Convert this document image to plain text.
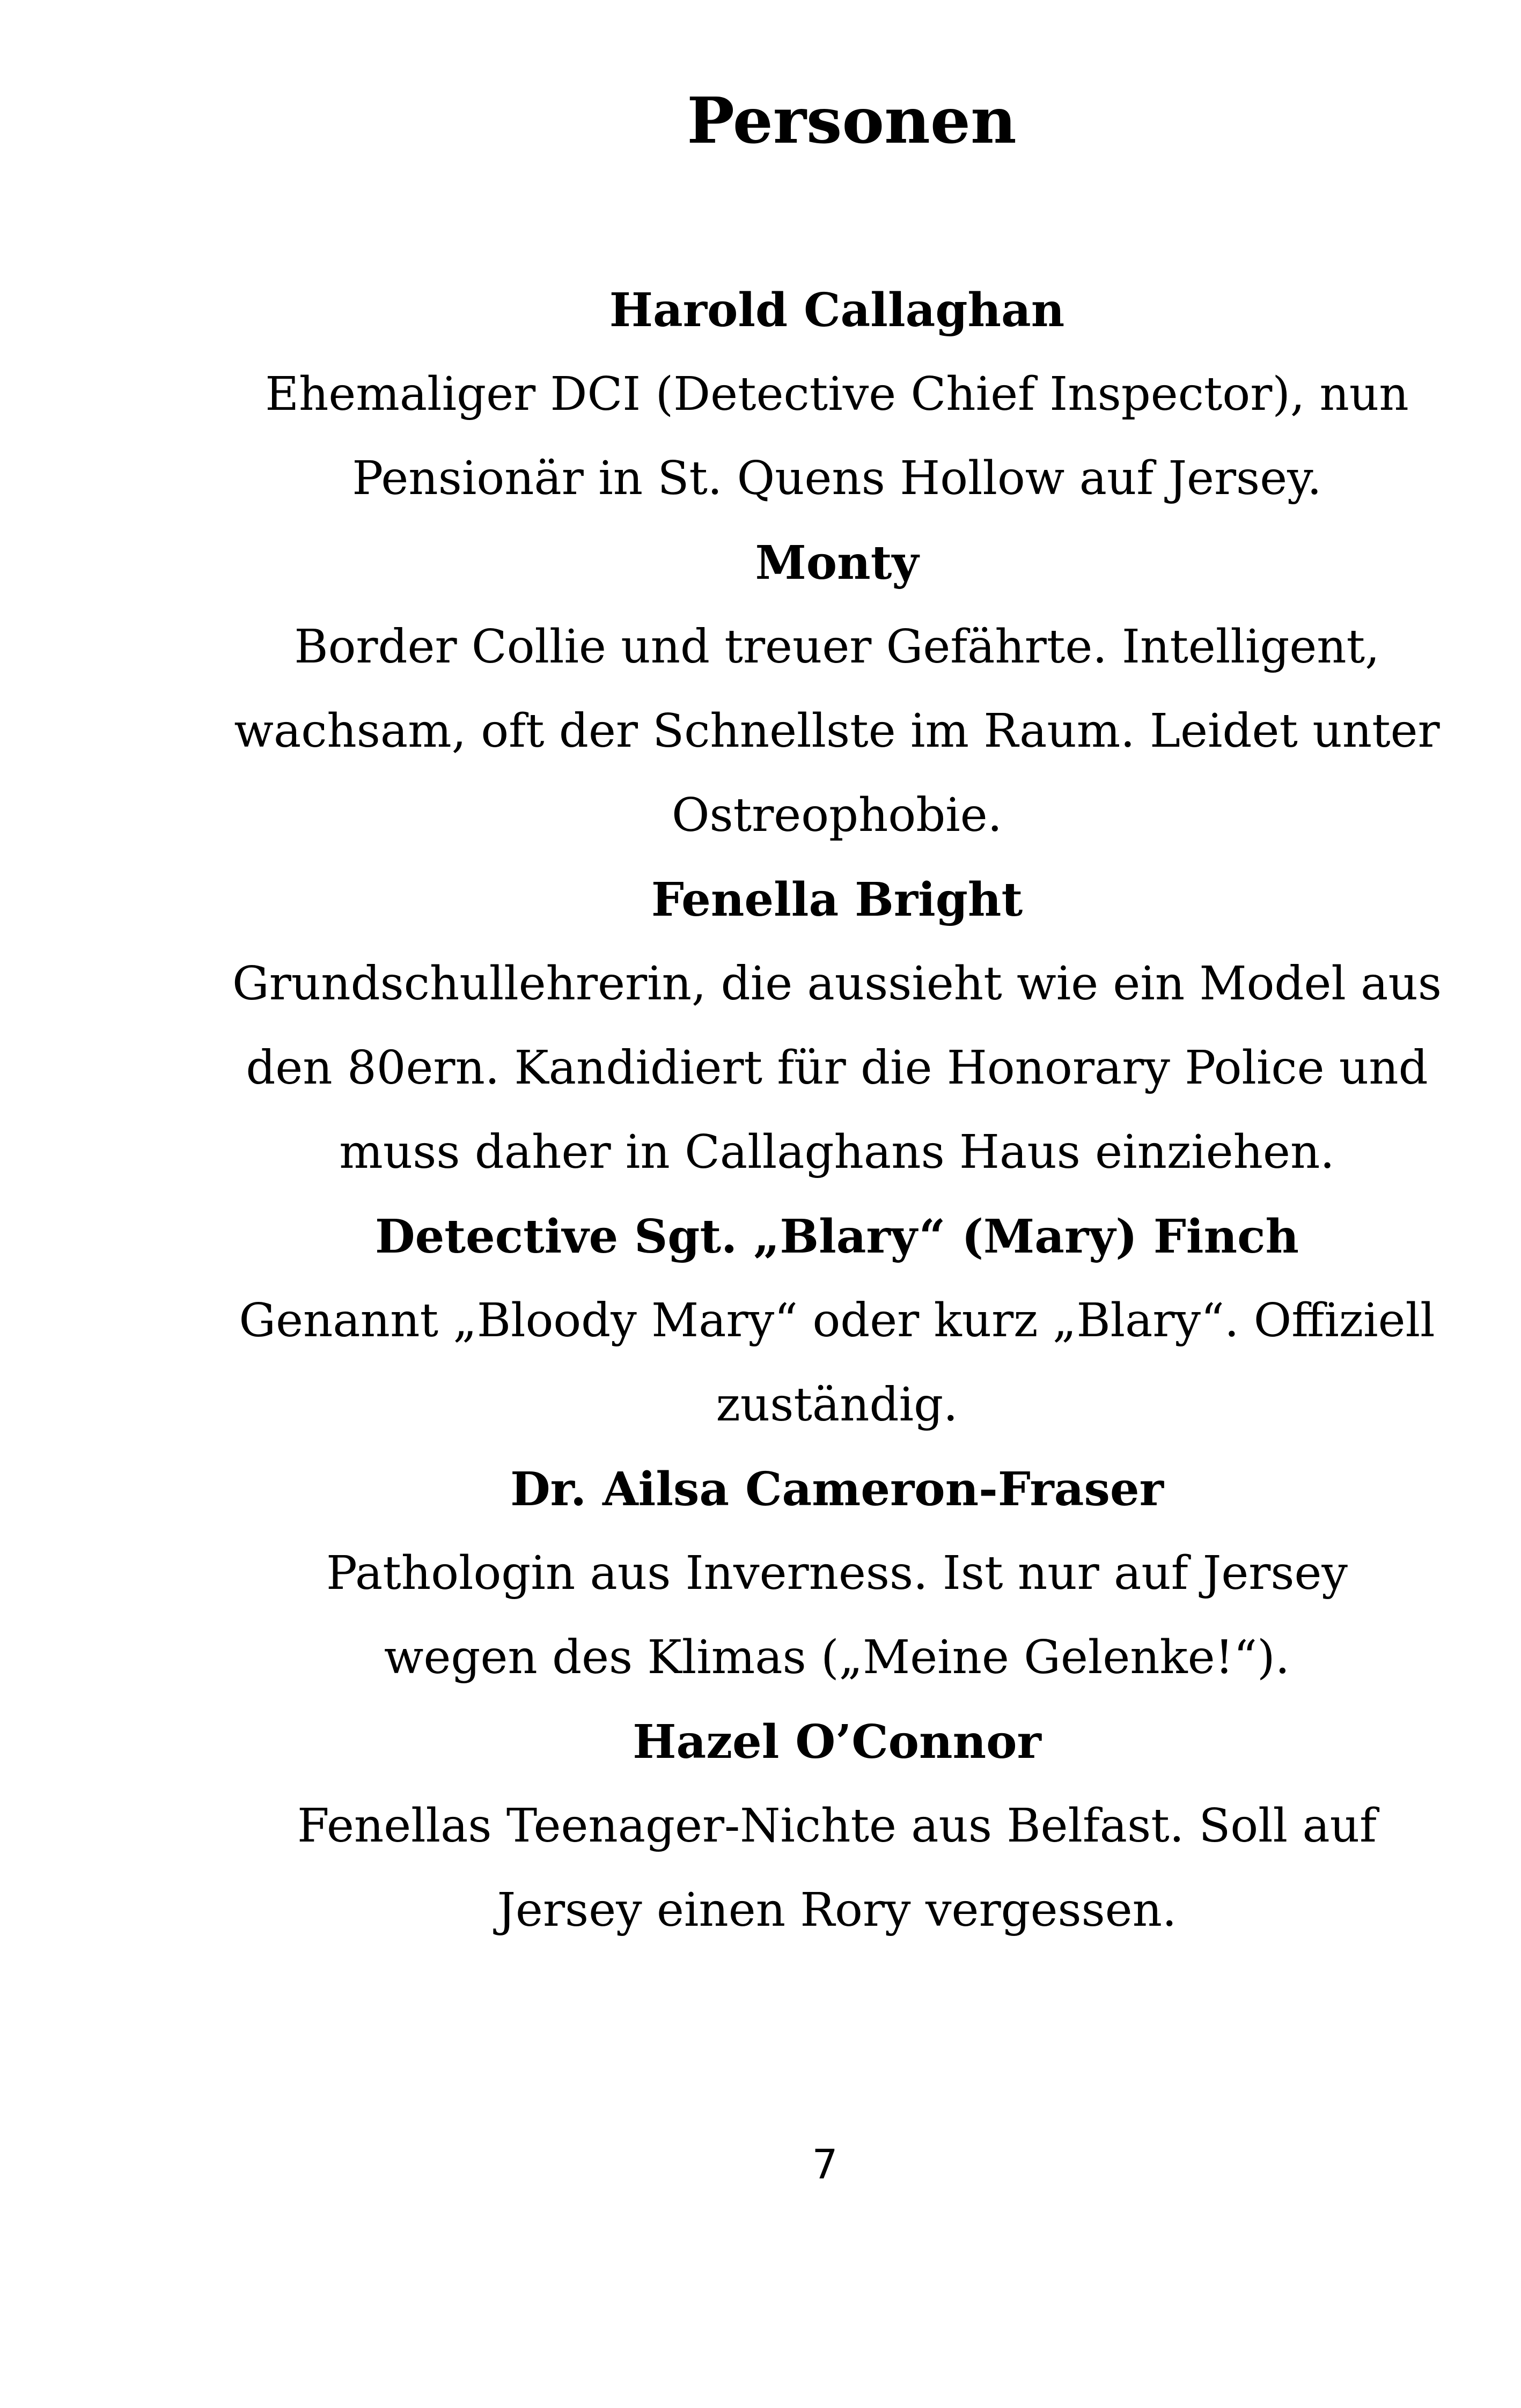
Personen
Harold Callaghan
Ehemaliger DCI (Detective Chief Inspector), nun
Pensionär in St. Quens Hollow auf Jersey.
Monty
Border Collie und treuer Gefährte. Intelligent,
wachsam, oft der Schnellste im Raum. Leidet unter
Ostreophobie.
Fenella Bright
Grundschullehrerin, die aussieht wie ein Model aus
den 80ern. Kandidiert für die Honorary Police und
muss daher in Callaghans Haus einziehen.
Detective Sgt. „Blary“ (Mary) Finch
Genannt „Bloody Mary“ oder kurz „Blary“. Offiziell
zuständig.
Dr. Ailsa Cameron-Fraser
Pathologin aus Inverness. Ist nur auf Jersey
wegen des Klimas („Meine Gelenke!“).
Hazel O’Connor
Fenellas Teenager-Nichte aus Belfast. Soll auf
Jersey einen Rory vergessen.
7
